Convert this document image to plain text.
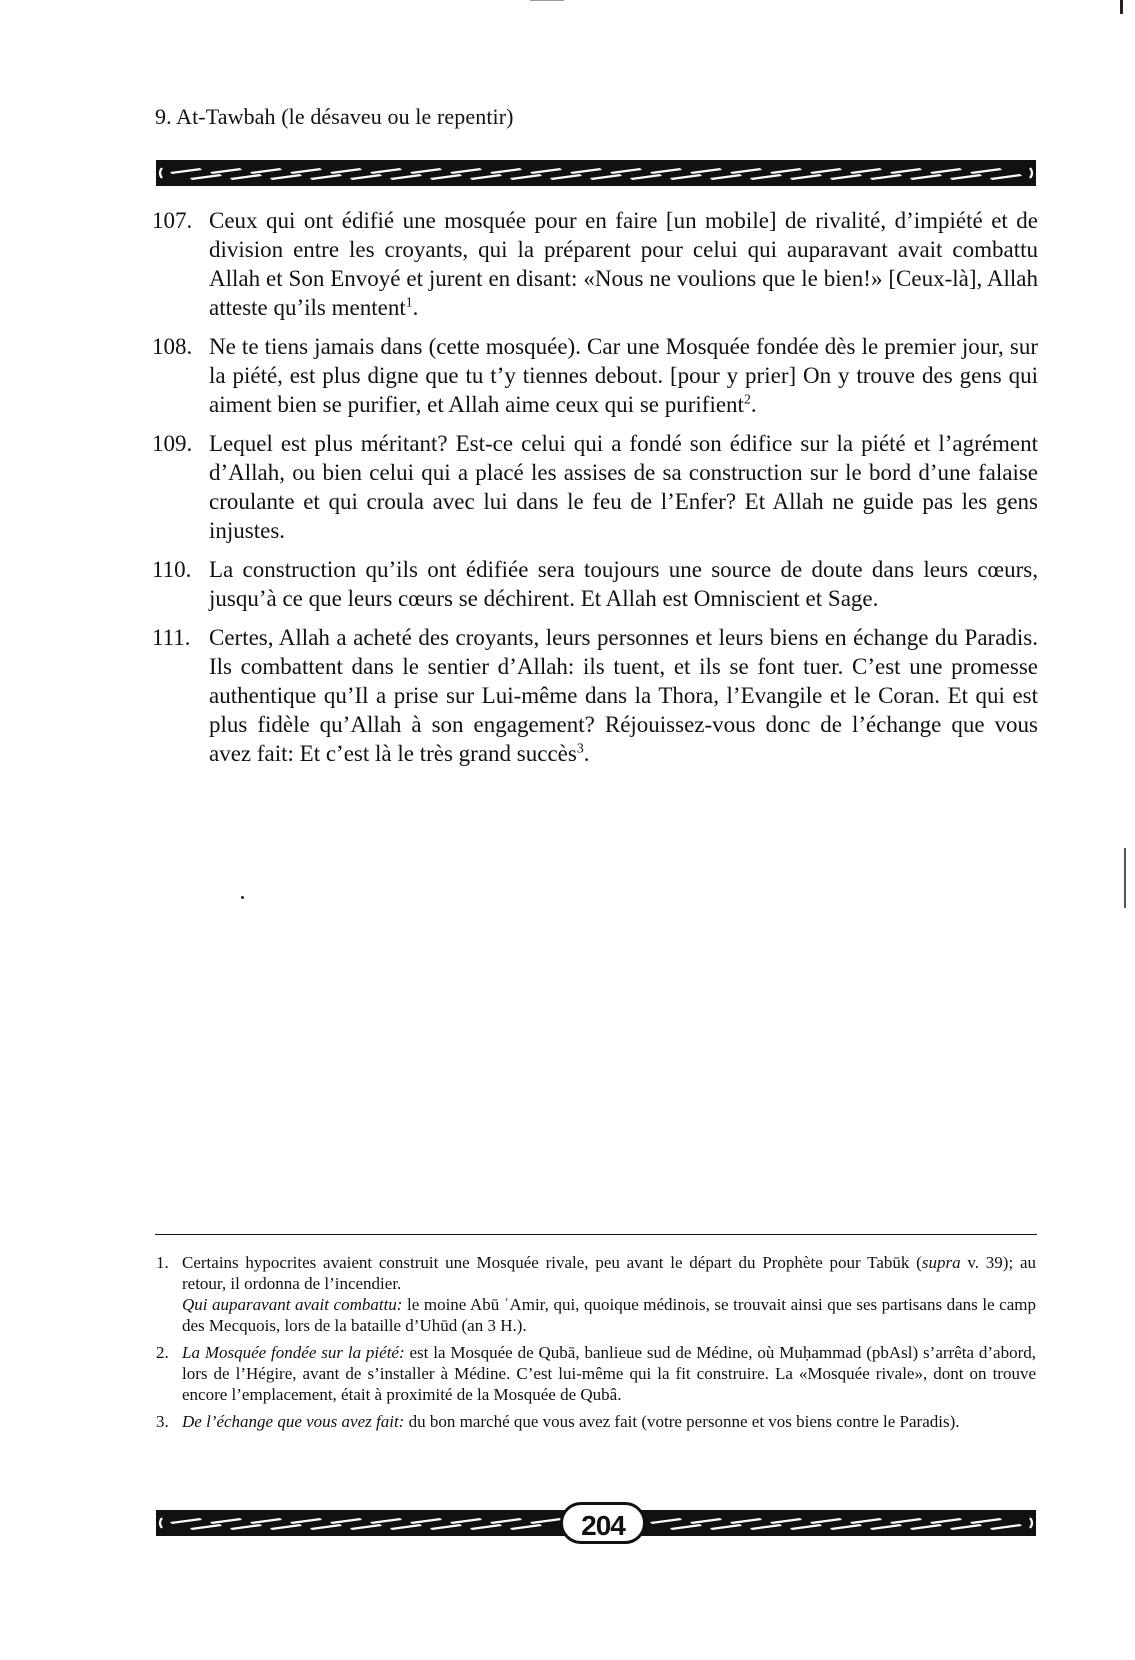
9. At-Tawbah (le désaveu ou le repentir)
107. Ceux qui ont édifié une mosquée pour en faire [un mobile] de rivalité, d’impiété et de division entre les croyants, qui la préparent pour celui qui auparavant avait combattu Allah et Son Envoyé et jurent en disant: «Nous ne voulions que le bien!» [Ceux-là], Allah atteste qu’ils mentent$^1$.
108. Ne te tiens jamais dans (cette mosquée). Car une Mosquée fondée dès le premier jour, sur la piété, est plus digne que tu t’y tiennes debout. [pour y prier] On y trouve des gens qui aiment bien se purifier, et Allah aime ceux qui se purifient$^2$.
109. Lequel est plus méritant? Est-ce celui qui a fondé son édifice sur la piété et l’agrément d’Allah, ou bien celui qui a placé les assises de sa construction sur le bord d’une falaise croulante et qui croula avec lui dans le feu de l’Enfer? Et Allah ne guide pas les gens injustes.
110. La construction qu’ils ont édifiée sera toujours une source de doute dans leurs cœurs, jusqu’à ce que leurs cœurs se déchirent. Et Allah est Omniscient et Sage.
111. Certes, Allah a acheté des croyants, leurs personnes et leurs biens en échange du Paradis. Ils combattent dans le sentier d’Allah: ils tuent, et ils se font tuer. C’est une promesse authentique qu’Il a prise sur Lui-même dans la Thora, l’Evangile et le Coran. Et qui est plus fidèle qu’Allah à son engagement? Réjouissez-vous donc de l’échange que vous avez fait: Et c’est là le très grand succès$^3$.
1. Certains hypocrites avaient construit une Mosquée rivale, peu avant le départ du Prophète pour Tabūk (supra v. 39); au retour, il ordonna de l’incendier.
Qui auparavant avait combattu: le moine Abū ʿAmir, qui, quoique médinois, se trouvait ainsi que ses partisans dans le camp des Mecquois, lors de la bataille d’Uhūd (an 3 H.).
2. La Mosquée fondée sur la piété: est la Mosquée de Qubā, banlieue sud de Médine, où Muḥammad (pbAsl) s’arrêta d’abord, lors de l’Hégire, avant de s’installer à Médine. C’est lui-même qui la fit construire. La «Mosquée rivale», dont on trouve encore l’emplacement, était à proximité de la Mosquée de Qubâ.
3. De l’échange que vous avez fait: du bon marché que vous avez fait (votre personne et vos biens contre le Paradis).
204
